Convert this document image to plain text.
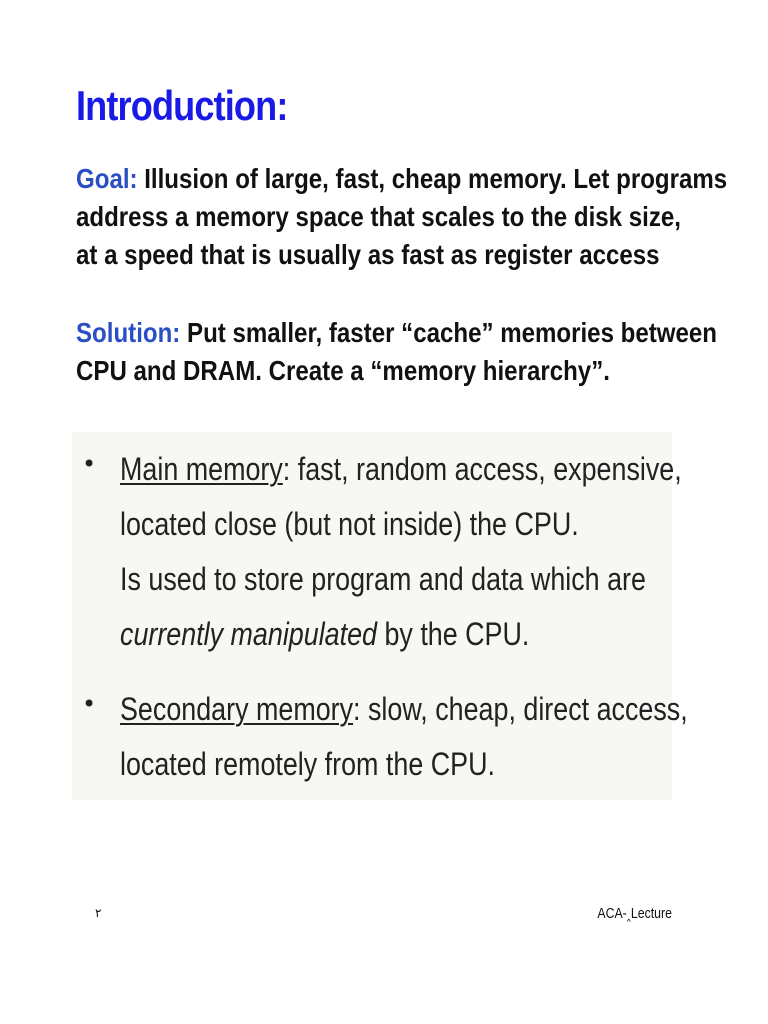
Introduction:
Goal: Illusion of large, fast, cheap memory. Let programs
address a memory space that scales to the disk size,
at a speed that is usually as fast as register access
Solution: Put smaller, faster “cache” memories between
CPU and DRAM. Create a “memory hierarchy”.
• Main memory: fast, random access, expensive,
located close (but not inside) the CPU.
Is used to store program and data which are
currently manipulated by the CPU.
• Secondary memory: slow, cheap, direct access,
located remotely from the CPU.
٢	ACA-‸Lecture
